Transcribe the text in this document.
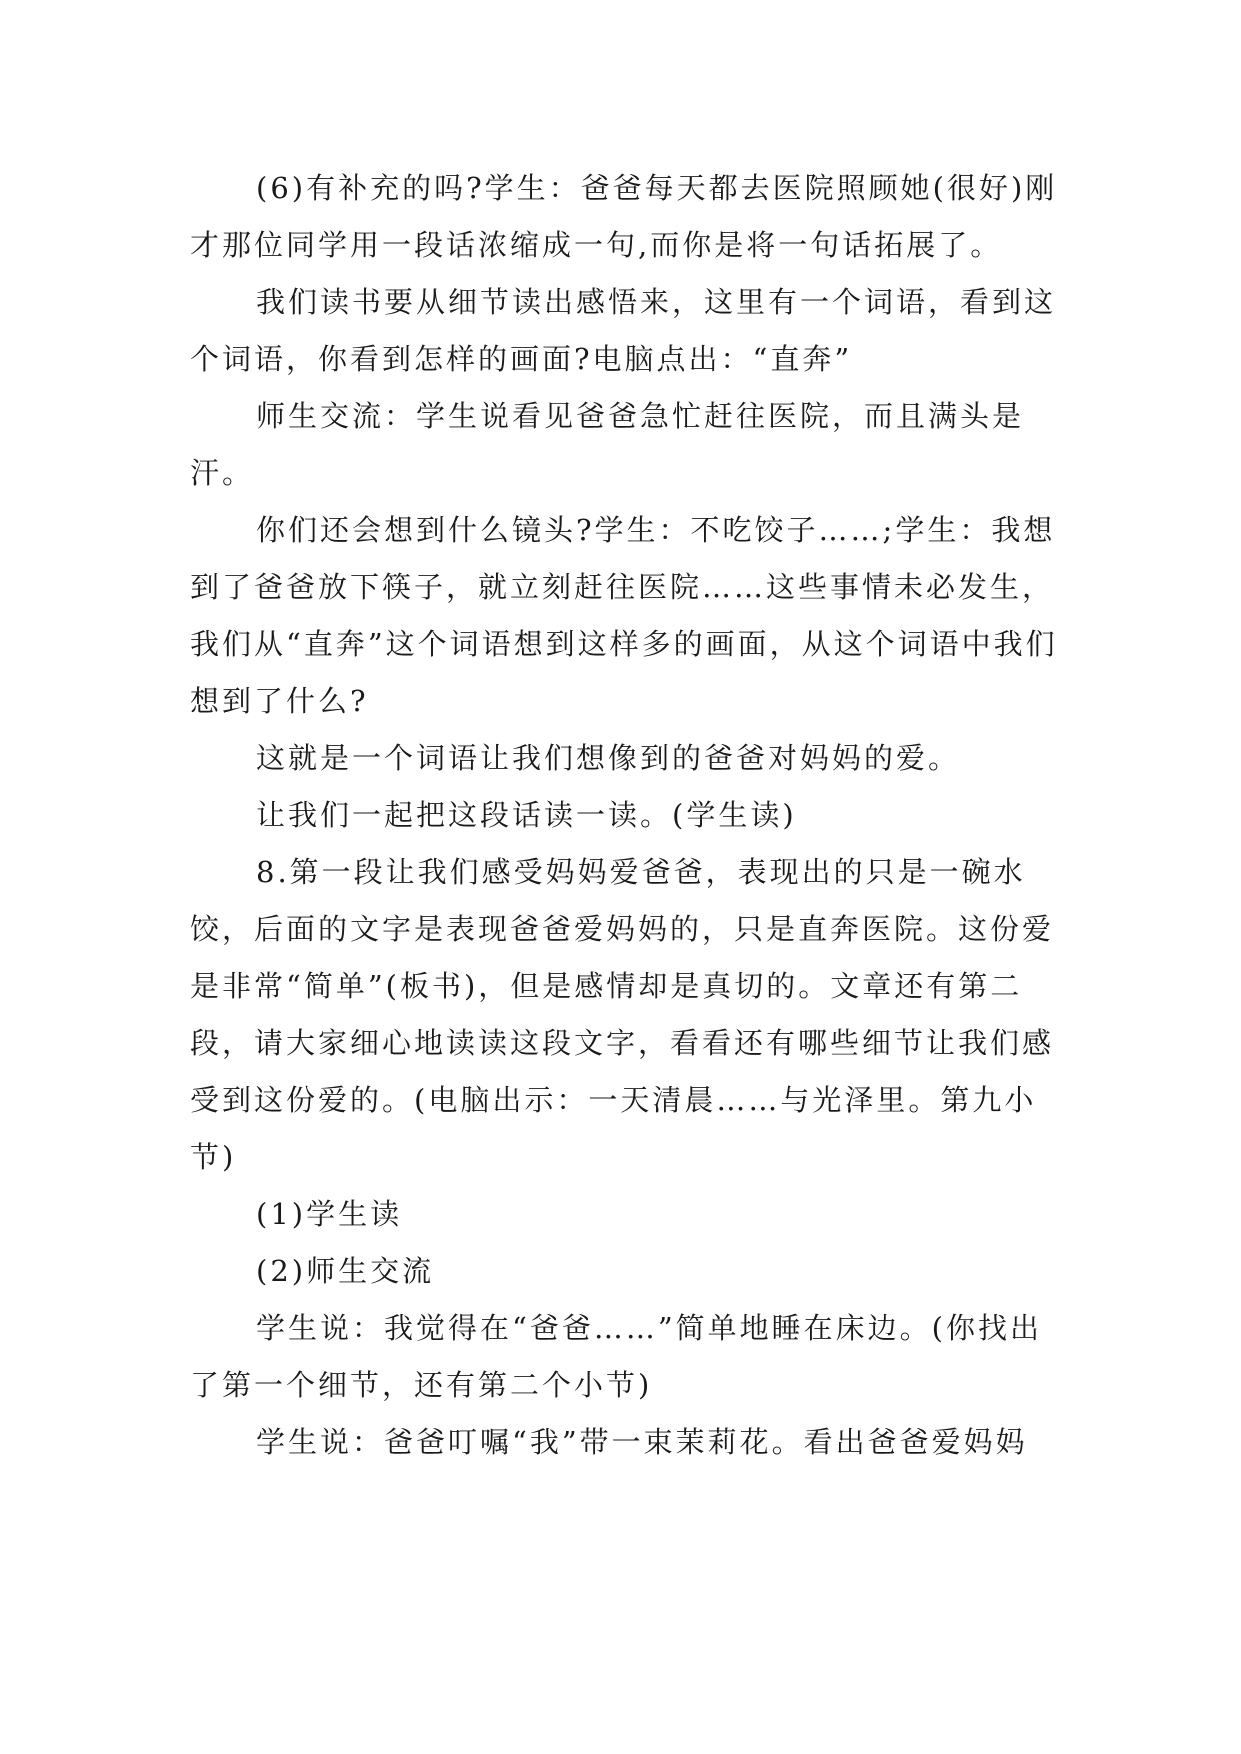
(6)有补充的吗?学生：爸爸每天都去医院照顾她(很好)刚才那位同学用一段话浓缩成一句,而你是将一句话拓展了。

我们读书要从细节读出感悟来，这里有一个词语，看到这个词语，你看到怎样的画面?电脑点出：“直奔”

师生交流：学生说看见爸爸急忙赶往医院，而且满头是汗。

你们还会想到什么镜头?学生：不吃饺子……;学生：我想到了爸爸放下筷子，就立刻赶往医院……这些事情未必发生，我们从“直奔”这个词语想到这样多的画面，从这个词语中我们想到了什么?

这就是一个词语让我们想像到的爸爸对妈妈的爱。

让我们一起把这段话读一读。(学生读)

8.第一段让我们感受妈妈爱爸爸，表现出的只是一碗水饺，后面的文字是表现爸爸爱妈妈的，只是直奔医院。这份爱是非常“简单”(板书)，但是感情却是真切的。文章还有第二段，请大家细心地读读这段文字，看看还有哪些细节让我们感受到这份爱的。(电脑出示：一天清晨……与光泽里。第九小节)

(1)学生读

(2)师生交流

学生说：我觉得在“爸爸……”简单地睡在床边。(你找出了第一个细节，还有第二个小节)

学生说：爸爸叮嘱“我”带一束茉莉花。看出爸爸爱妈妈
